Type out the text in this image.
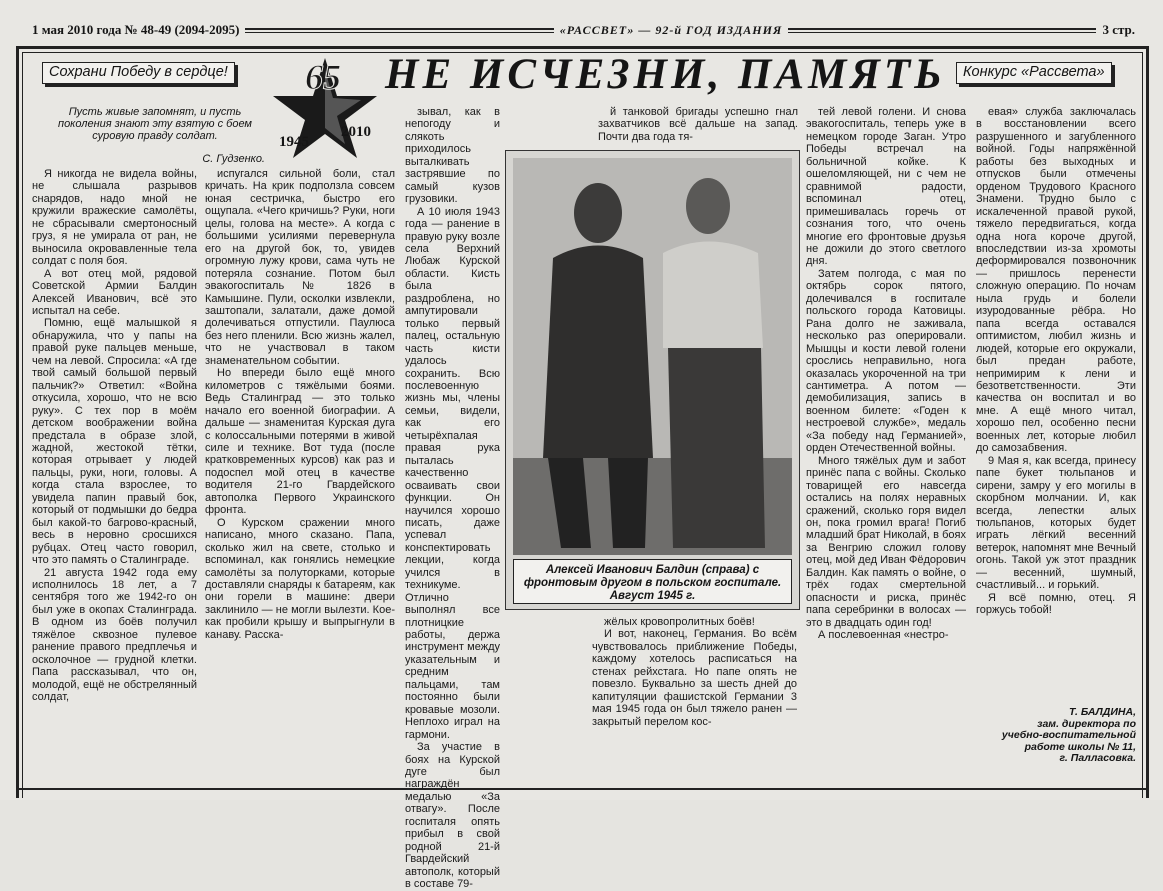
1 мая 2010 года № 48-49 (2094-2095)	«РАССВЕТ» — 92-й ГОД ИЗДАНИЯ	3 стр.
Сохрани Победу в сердце!	Конкурс «Рассвета»
1945
2010
65 НЕ ИСЧЕЗНИ, ПАМЯТЬ
Пусть живые запомнят, и пусть поколения знают эту взятую с боем суровую правду солдат.
С. Гудзенко.

Я никогда не видела войны, не слышала разрывов снарядов, надо мной не кружили вражеские самолёты, не сбрасывали смертоносный груз, я не умирала от ран, не выносила окровавленные тела солдат с поля боя.

А вот отец мой, рядовой Советской Армии Балдин Алексей Иванович, всё это испытал на себе.

Помню, ещё малышкой я обнаружила, что у папы на правой руке пальцев меньше, чем на левой. Спросила: «А где твой самый большой первый пальчик?» Ответил: «Война откусила, хорошо, что не всю руку». С тех пор в моём детском воображении война предстала в образе злой, жадной, жестокой тётки, которая отрывает у людей пальцы, руки, ноги, головы. А когда стала взрослее, то увидела папин правый бок, который от подмышки до бедра был какой-то багрово-красный, весь в неровно сросшихся рубцах. Отец часто говорил, что это память о Сталинграде.

21 августа 1942 года ему исполнилось 18 лет, а 7 сентября того же 1942-го он был уже в окопах Сталинграда. В одном из боёв получил тяжёлое сквозное пулевое ранение правого предплечья и осколочное — грудной клетки. Папа рассказывал, что он, молодой, ещё не обстрелянный солдат,

испугался сильной боли, стал кричать. На крик подползла совсем юная сестричка, быстро его ощупала. «Чего кричишь? Руки, ноги целы, голова на месте». А когда с большими усилиями перевернула его на другой бок, то, увидев огромную лужу крови, сама чуть не потеряла сознание. Потом был эвакогоспиталь № 1826 в Камышине. Пули, осколки извлекли, заштопали, залатали, даже домой долечиваться отпустили. Паулюса без него пленили. Всю жизнь жалел, что не участвовал в таком знаменательном событии.

Но впереди было ещё много километров с тяжёлыми боями. Ведь Сталинград — это только начало его военной биографии. А дальше — знаменитая Курская дуга с колоссальными потерями в живой силе и технике. Вот туда (после кратковременных курсов) как раз и подоспел мой отец в качестве водителя 21-го Гвардейского автополка Первого Украинского фронта.

О Курском сражении много написано, много сказано. Папа, сколько жил на свете, столько и вспоминал, как гонялись немецкие самолёты за полуторками, которые доставляли снаряды к батареям, как они горели в машине: двери заклинило — не могли вылезти. Кое-как пробили крышу и выпрыгнули в канаву. Расска-

зывал, как в непогоду и слякоть приходилось выталкивать застрявшие по самый кузов грузовики.

А 10 июля 1943 года — ранение в правую руку возле села Верхний Любаж Курской области. Кисть была раздроблена, но ампутировали только первый палец, остальную часть кисти удалось сохранить. Всю послевоенную жизнь мы, члены семьи, видели, как его четырёхпалая правая рука пыталась качественно осваивать свои функции. Он научился хорошо писать, даже успевал конспектировать лекции, когда учился в техникуме. Отлично выполнял все плотницкие работы, держа инструмент между указательным и средним пальцами, там постоянно были кровавые мозоли. Неплохо играл на гармони.

За участие в боях на Курской дуге был награждён медалью «За отвагу». После госпиталя опять прибыл в свой родной 21-й Гвардейский автополк, который в составе 79-

й танковой бригады успешно гнал захватчиков всё дальше на запад. Почти два года тя-

жёлых кровопролитных боёв!

И вот, наконец, Германия. Во всём чувствовалось приближение Победы, каждому хотелось расписаться на стенах рейхстага. Но папе опять не повезло. Буквально за шесть дней до капитуляции фашистской Германии 3 мая 1945 года он был тяжело ранен — закрытый перелом кос-

тей левой голени. И снова эвакогоспиталь, теперь уже в немецком городе Заган. Утро Победы встречал на больничной койке. К ошеломляющей, ни с чем не сравнимой радости, вспоминал отец, примешивалась горечь от сознания того, что очень многие его фронтовые друзья не дожили до этого светлого дня.

Затем полгода, с мая по октябрь сорок пятого, долечивался в госпитале польского города Катовицы. Рана долго не заживала, несколько раз оперировали. Мышцы и кости левой голени срослись неправильно, нога оказалась укороченной на три сантиметра. А потом — демобилизация, запись в военном билете: «Годен к нестроевой службе», медаль «За победу над Германией», орден Отечественной войны.

Много тяжёлых дум и забот принёс папа с войны. Сколько товарищей его навсегда остались на полях неравных сражений, сколько горя видел он, пока громил врага! Погиб младший брат Николай, в боях за Венгрию сложил голову отец, мой дед Иван Фёдорович Балдин. Как память о войне, о трёх годах смертельной опасности и риска, принёс папа серебринки в волосах — это в двадцать один год!

А послевоенная «нестро-

евая» служба заключалась в восстановлении всего разрушенного и загубленного войной. Годы напряжённой работы без выходных и отпусков были отмечены орденом Трудового Красного Знамени. Трудно было с искалеченной правой рукой, тяжело передвигаться, когда одна нога короче другой, впоследствии из-за хромоты деформировался позвоночник — пришлось перенести сложную операцию. По ночам ныла грудь и болели изуродованные рёбра. Но папа всегда оставался оптимистом, любил жизнь и людей, которые его окружали, был предан работе, непримирим к лени и безответственности. Эти качества он воспитал и во мне. А ещё много читал, хорошо пел, особенно песни военных лет, которые любил до самозабвения.

9 Мая я, как всегда, принесу папе букет тюльпанов и сирени, замру у его могилы в скорбном молчании. И, как всегда, лепестки алых тюльпанов, которых будет играть лёгкий весенний ветерок, напомнят мне Вечный огонь. Такой уж этот праздник — весенний, шумный, счастливый... и горький.

Я всё помню, отец. Я горжусь тобой!

Т. БАЛДИНА,
зам. директора по
учебно-воспитательной
работе школы № 11,
г. Палласовка.
Алексей Иванович Балдин (справа) с фронтовым другом в польском госпитале. Август 1945 г.
